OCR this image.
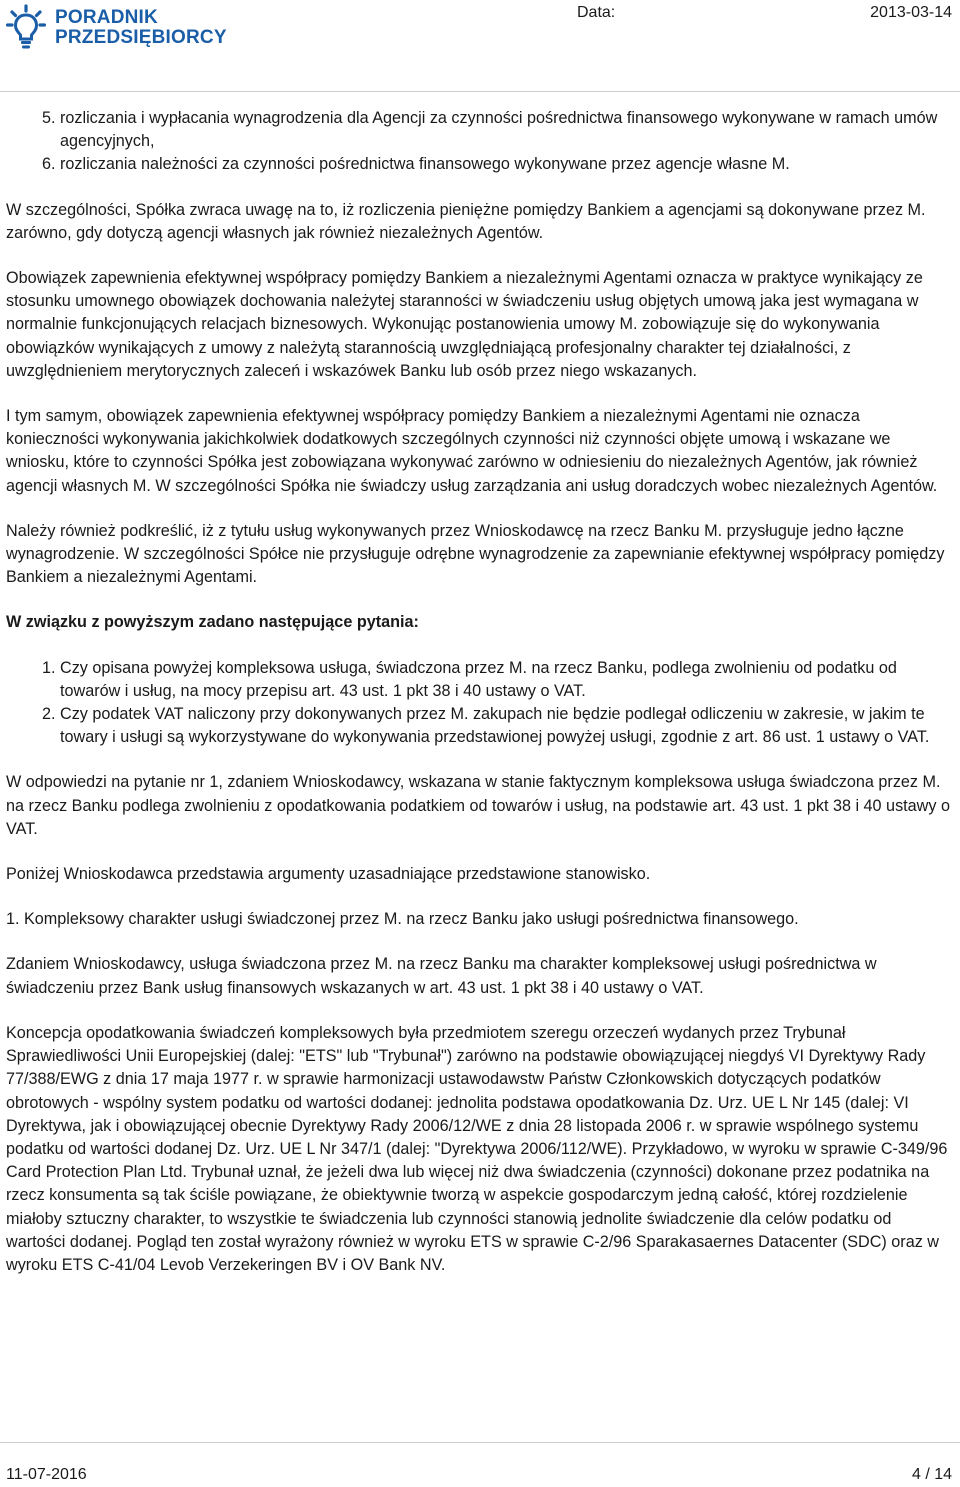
PORADNIK
PRZEDSIĘBIORCY
Data:	2013-03-14
5. rozliczania i wypłacania wynagrodzenia dla Agencji za czynności pośrednictwa finansowego wykonywane w ramach umów agencyjnych,
6. rozliczania należności za czynności pośrednictwa finansowego wykonywane przez agencje własne M.

W szczególności, Spółka zwraca uwagę na to, iż rozliczenia pieniężne pomiędzy Bankiem a agencjami są dokonywane przez M. zarówno, gdy dotyczą agencji własnych jak również niezależnych Agentów.

Obowiązek zapewnienia efektywnej współpracy pomiędzy Bankiem a niezależnymi Agentami oznacza w praktyce wynikający ze stosunku umownego obowiązek dochowania należytej staranności w świadczeniu usług objętych umową jaka jest wymagana w normalnie funkcjonujących relacjach biznesowych. Wykonując postanowienia umowy M. zobowiązuje się do wykonywania obowiązków wynikających z umowy z należytą starannością uwzględniającą profesjonalny charakter tej działalności, z uwzględnieniem merytorycznych zaleceń i wskazówek Banku lub osób przez niego wskazanych.

I tym samym, obowiązek zapewnienia efektywnej współpracy pomiędzy Bankiem a niezależnymi Agentami nie oznacza konieczności wykonywania jakichkolwiek dodatkowych szczególnych czynności niż czynności objęte umową i wskazane we wniosku, które to czynności Spółka jest zobowiązana wykonywać zarówno w odniesieniu do niezależnych Agentów, jak również agencji własnych M. W szczególności Spółka nie świadczy usług zarządzania ani usług doradczych wobec niezależnych Agentów.

Należy również podkreślić, iż z tytułu usług wykonywanych przez Wnioskodawcę na rzecz Banku M. przysługuje jedno łączne wynagrodzenie. W szczególności Spółce nie przysługuje odrębne wynagrodzenie za zapewnianie efektywnej współpracy pomiędzy Bankiem a niezależnymi Agentami.

W związku z powyższym zadano następujące pytania:

1. Czy opisana powyżej kompleksowa usługa, świadczona przez M. na rzecz Banku, podlega zwolnieniu od podatku od towarów i usług, na mocy przepisu art. 43 ust. 1 pkt 38 i 40 ustawy o VAT.
2. Czy podatek VAT naliczony przy dokonywanych przez M. zakupach nie będzie podlegał odliczeniu w zakresie, w jakim te towary i usługi są wykorzystywane do wykonywania przedstawionej powyżej usługi, zgodnie z art. 86 ust. 1 ustawy o VAT.

W odpowiedzi na pytanie nr 1, zdaniem Wnioskodawcy, wskazana w stanie faktycznym kompleksowa usługa świadczona przez M. na rzecz Banku podlega zwolnieniu z opodatkowania podatkiem od towarów i usług, na podstawie art. 43 ust. 1 pkt 38 i 40 ustawy o VAT.

Poniżej Wnioskodawca przedstawia argumenty uzasadniające przedstawione stanowisko.

1. Kompleksowy charakter usługi świadczonej przez M. na rzecz Banku jako usługi pośrednictwa finansowego.

Zdaniem Wnioskodawcy, usługa świadczona przez M. na rzecz Banku ma charakter kompleksowej usługi pośrednictwa w świadczeniu przez Bank usług finansowych wskazanych w art. 43 ust. 1 pkt 38 i 40 ustawy o VAT.

Koncepcja opodatkowania świadczeń kompleksowych była przedmiotem szeregu orzeczeń wydanych przez Trybunał Sprawiedliwości Unii Europejskiej (dalej: "ETS" lub "Trybunał") zarówno na podstawie obowiązującej niegdyś VI Dyrektywy Rady 77/388/EWG z dnia 17 maja 1977 r. w sprawie harmonizacji ustawodawstw Państw Członkowskich dotyczących podatków obrotowych - wspólny system podatku od wartości dodanej: jednolita podstawa opodatkowania Dz. Urz. UE L Nr 145 (dalej: VI Dyrektywa, jak i obowiązującej obecnie Dyrektywy Rady 2006/12/WE z dnia 28 listopada 2006 r. w sprawie wspólnego systemu podatku od wartości dodanej Dz. Urz. UE L Nr 347/1 (dalej: "Dyrektywa 2006/112/WE). Przykładowo, w wyroku w sprawie C-349/96 Card Protection Plan Ltd. Trybunał uznał, że jeżeli dwa lub więcej niż dwa świadczenia (czynności) dokonane przez podatnika na rzecz konsumenta są tak ściśle powiązane, że obiektywnie tworzą w aspekcie gospodarczym jedną całość, której rozdzielenie miałoby sztuczny charakter, to wszystkie te świadczenia lub czynności stanowią jednolite świadczenie dla celów podatku od wartości dodanej. Pogląd ten został wyrażony również w wyroku ETS w sprawie C-2/96 Sparakasaernes Datacenter (SDC) oraz w wyroku ETS C-41/04 Levob Verzekeringen BV i OV Bank NV.

11-07-2016	4 / 14
